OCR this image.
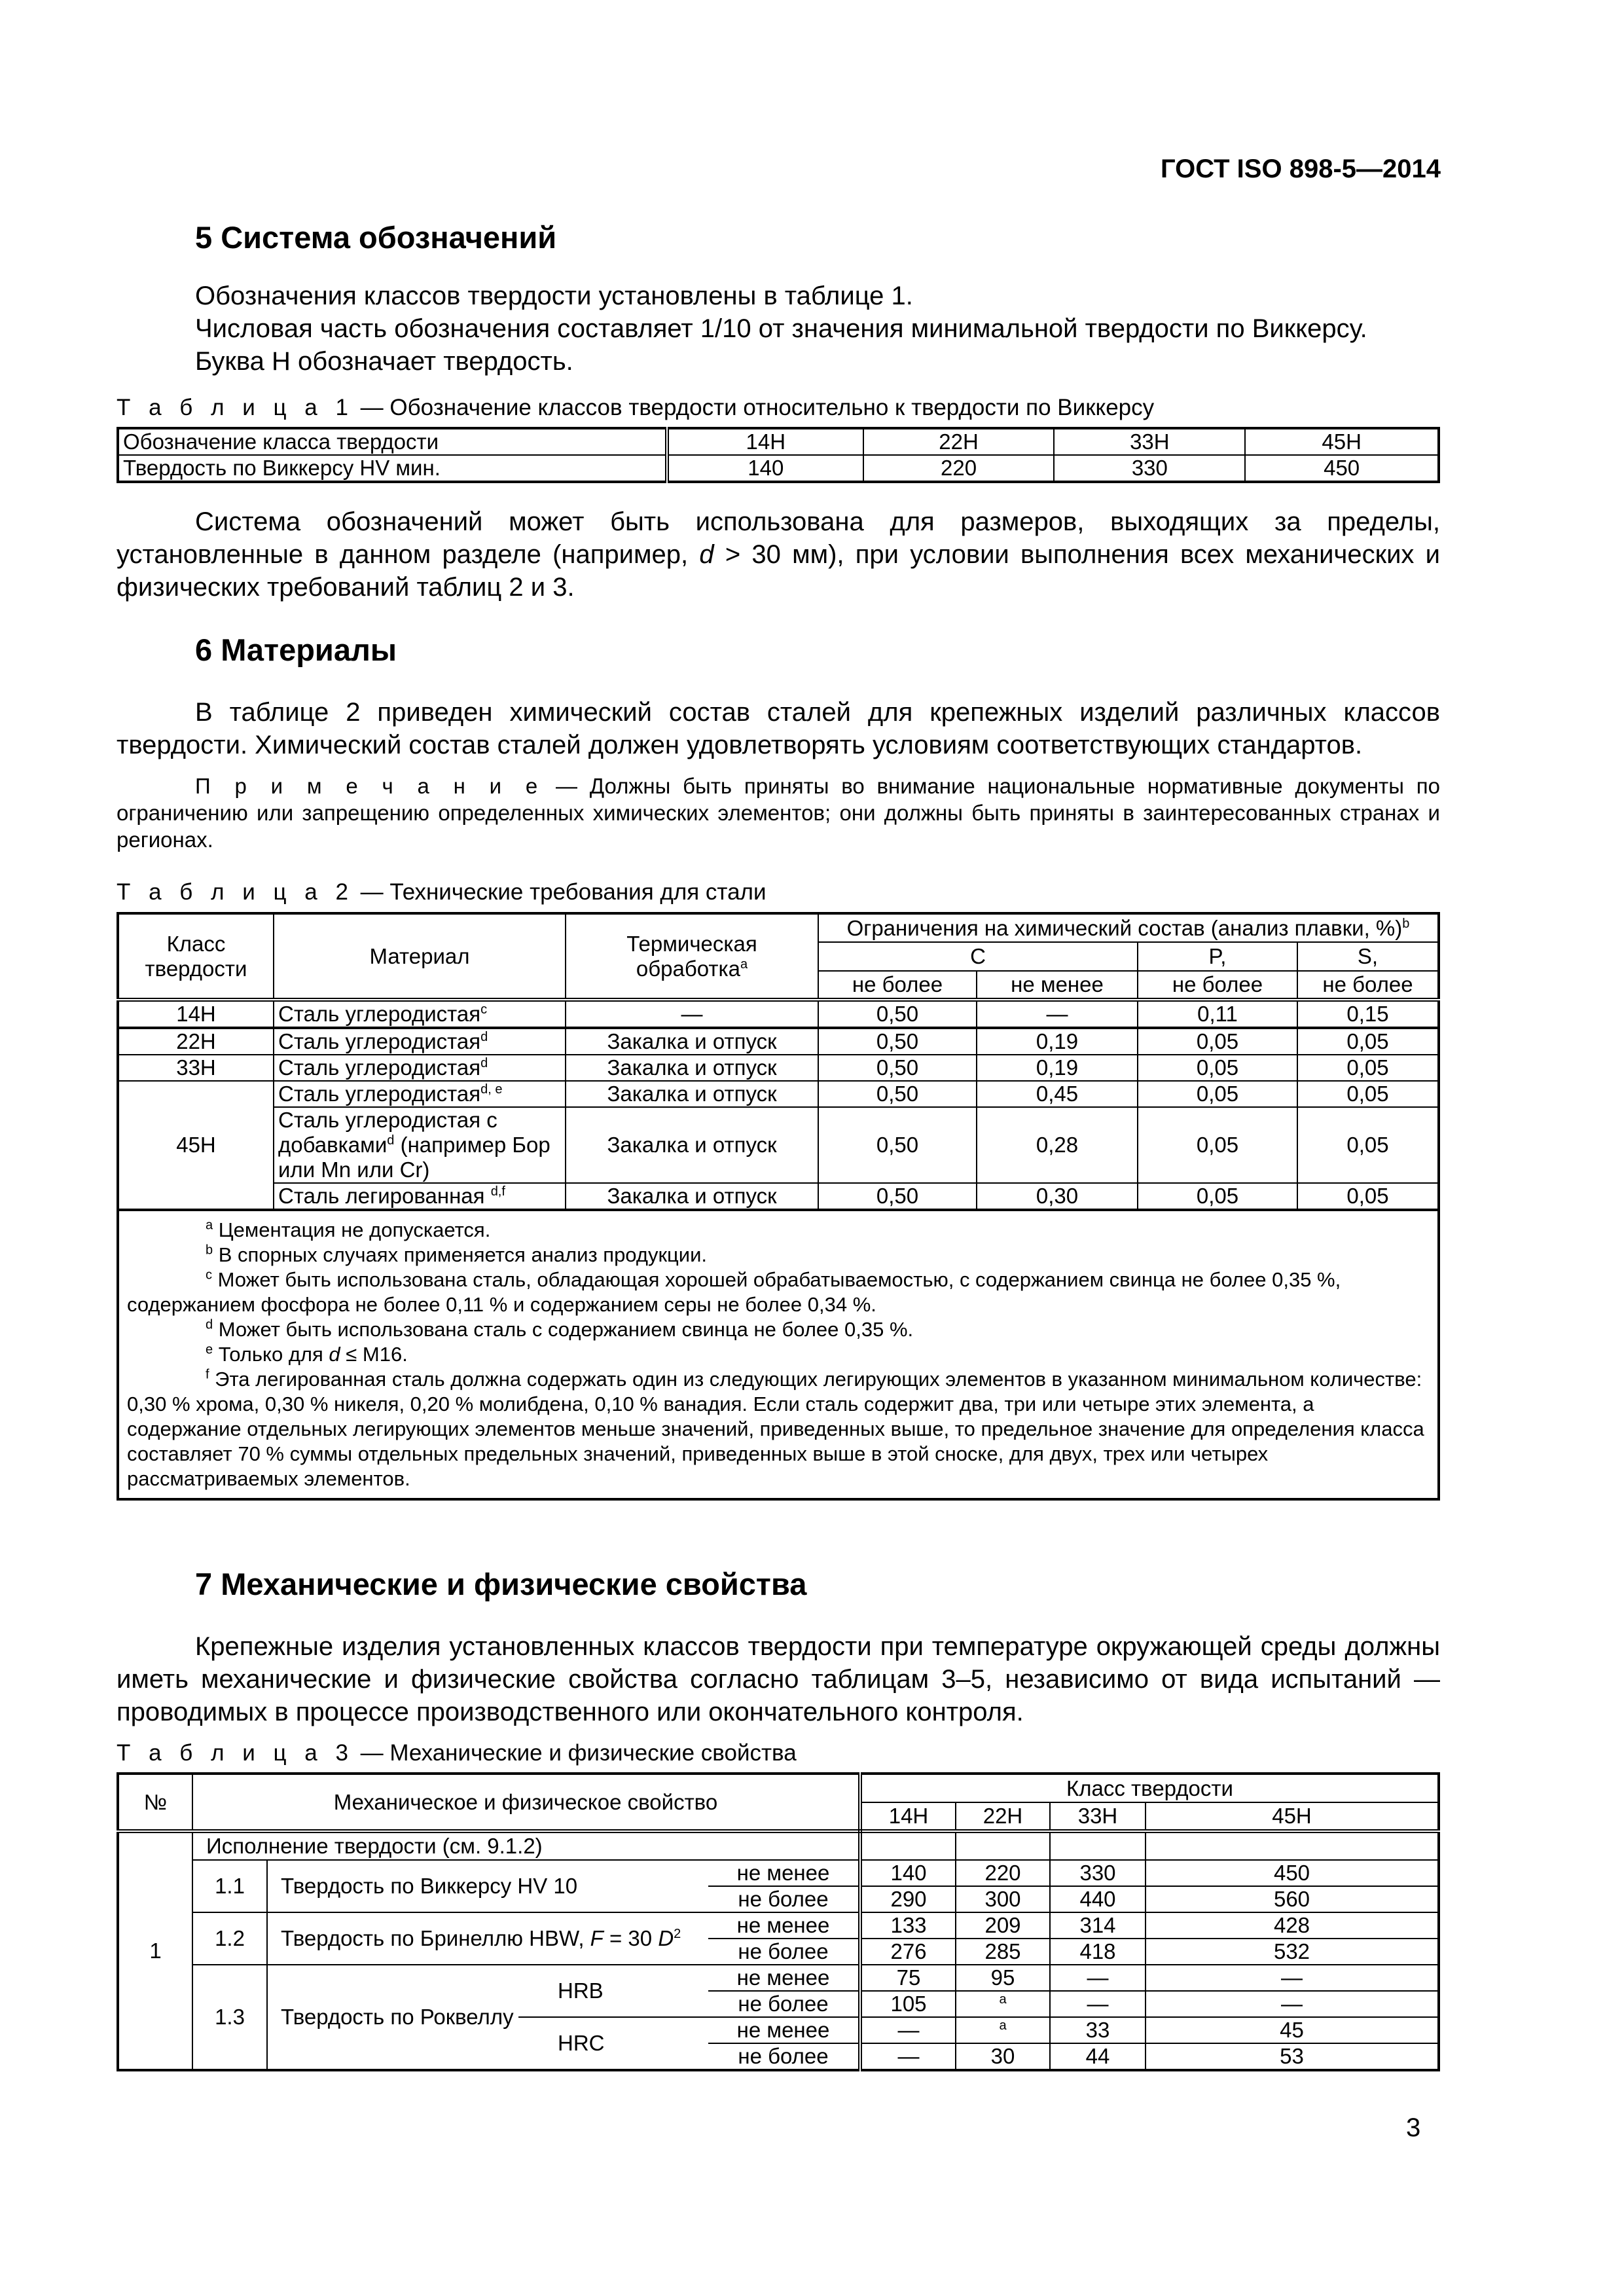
ГОСТ ISO 898-5—2014
5 Система обозначений
Обозначения классов твердости установлены в таблице 1.
Числовая часть обозначения составляет 1/10 от значения минимальной твердости по Виккерсу.
Буква Н обозначает твердость.
Т а б л и ц а 1 — Обозначение классов твердости относительно к твердости по Виккерсу
Обозначение класса твердости	14H	22H	33H	45H
Твердость по Виккерсу HV мин.	140	220	330	450
Система обозначений может быть использована для размеров, выходящих за пределы, установленные в данном разделе (например, d > 30 мм), при условии выполнения всех механических и физических требований таблиц 2 и 3.
6 Материалы
В таблице 2 приведен химический состав сталей для крепежных изделий различных классов твердости. Химический состав сталей должен удовлетворять условиям соответствующих стандартов.
П р и м е ч а н и е — Должны быть приняты во внимание национальные нормативные документы по ограничению или запрещению определенных химических элементов; они должны быть приняты в заинтересованных странах и регионах.
Т а б л и ц а 2 — Технические требования для стали
Класс твердости	Материал	Термическая обработка$^a$	Ограничения на химический состав (анализ плавки, %)$^b$
			C		P,	S,
			не более	не менее	не более	не более
14H	Сталь углеродистая$^c$	—	0,50	—	0,11	0,15
22H	Сталь углеродистая$^d$	Закалка и отпуск	0,50	0,19	0,05	0,05
33H	Сталь углеродистая$^d$	Закалка и отпуск	0,50	0,19	0,05	0,05
45H	Сталь углеродистая$^{d, e}$	Закалка и отпуск	0,50	0,45	0,05	0,05
	Сталь углеродистая с добавками$^d$ (например Бор или Mn или Cr)	Закалка и отпуск	0,50	0,28	0,05	0,05
	Сталь легированная $^{d,f}$	Закалка и отпуск	0,50	0,30	0,05	0,05

$^a$ Цементация не допускается.
$^b$ В спорных случаях применяется анализ продукции.
$^c$ Может быть использована сталь, обладающая хорошей обрабатываемостью, с содержанием свинца не более 0,35 %, содержанием фосфора не более 0,11 % и содержанием серы не более 0,34 %.
$^d$ Может быть использована сталь с содержанием свинца не более 0,35 %.
$^e$ Только для d ≤ M16.
$^f$ Эта легированная сталь должна содержать один из следующих легирующих элементов в указанном минимальном количестве: 0,30 % хрома, 0,30 % никеля, 0,20 % молибдена, 0,10 % ванадия. Если сталь содержит два, три или четыре этих элемента, а содержание отдельных легирующих элементов меньше значений, приведенных выше, то предельное значение для определения класса составляет 70 % суммы отдельных предельных значений, приведенных выше в этой сноске, для двух, трех или четырех рассматриваемых элементов.
7 Механические и физические свойства
Крепежные изделия установленных классов твердости при температуре окружающей среды должны иметь механические и физические свойства согласно таблицам 3–5, независимо от вида испытаний — проводимых в процессе производственного или окончательного контроля.
Т а б л и ц а 3 — Механические и физические свойства
№	Механическое и физическое свойство				Класс твердости			
					14H	22H	33H	45H
1	Исполнение твердости (см. 9.1.2)							
	1.1	Твердость по Виккерсу HV 10		не менее	140	220	330	450
				не более	290	300	440	560
	1.2	Твердость по Бринеллю HBW, F = 30 $D^2$		не менее	133	209	314	428
				не более	276	285	418	532
	1.3	Твердость по Роквеллу	HRB	не менее	75	95	—	—
				не более	105	$^a$	—	—
			HRC	не менее	—	$^a$	33	45
				не более	—	30	44	53
3
